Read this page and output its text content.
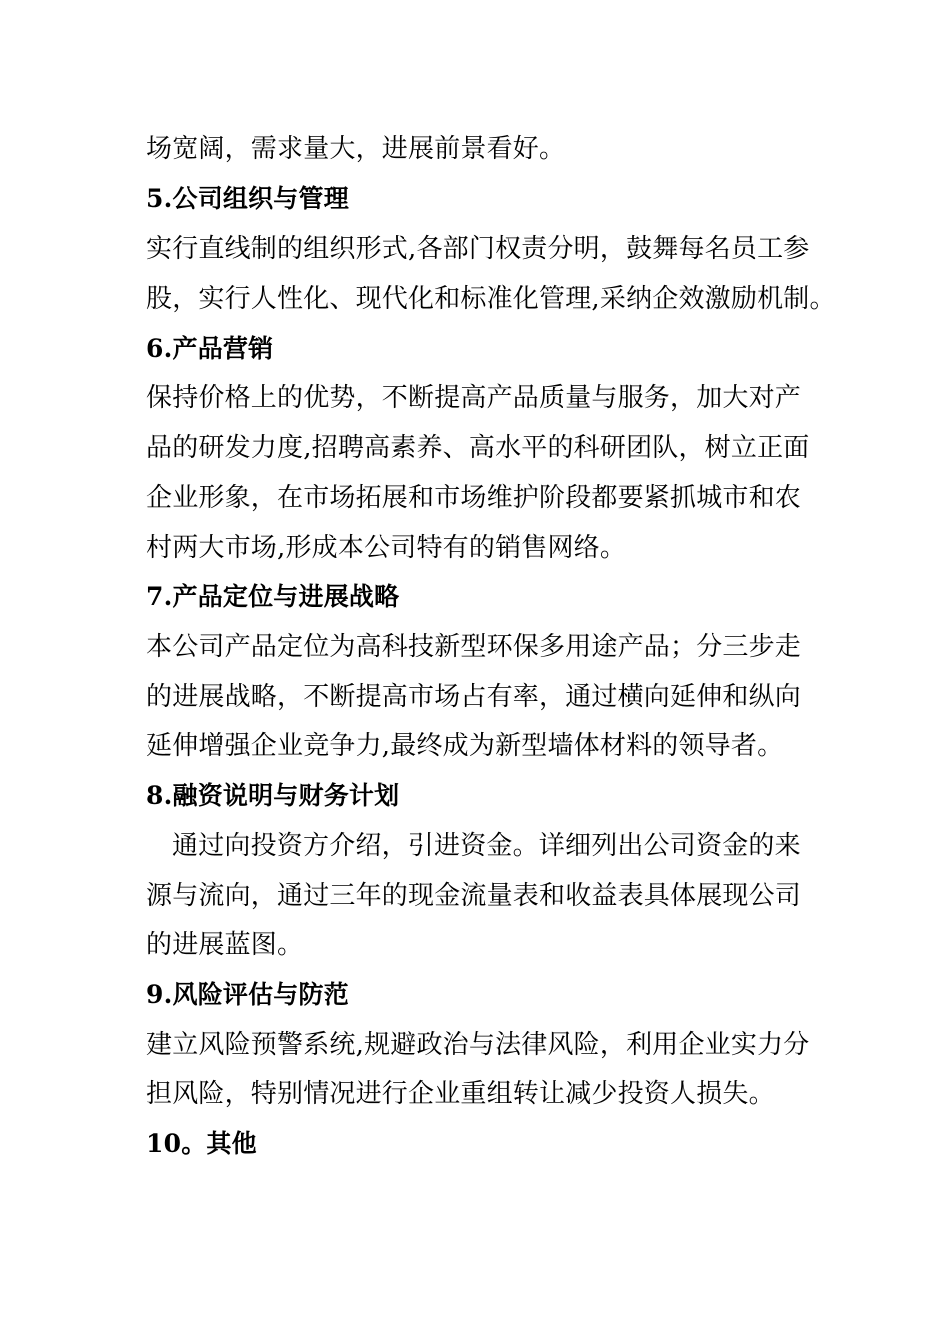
场宽阔，需求量大，进展前景看好。
5.公司组织与管理
实行直线制的组织形式,各部门权责分明，鼓舞每名员工参
股，实行人性化、现代化和标准化管理,采纳企效激励机制。
6.产品营销
保持价格上的优势，不断提高产品质量与服务，加大对产
品的研发力度,招聘高素养、高水平的科研团队，树立正面
企业形象，在市场拓展和市场维护阶段都要紧抓城市和农
村两大市场,形成本公司特有的销售网络。
7.产品定位与进展战略
本公司产品定位为高科技新型环保多用途产品；分三步走
的进展战略，不断提高市场占有率，通过横向延伸和纵向
延伸增强企业竞争力,最终成为新型墙体材料的领导者。
8.融资说明与财务计划
通过向投资方介绍，引进资金。详细列出公司资金的来
源与流向，通过三年的现金流量表和收益表具体展现公司
的进展蓝图。
9.风险评估与防范
建立风险预警系统,规避政治与法律风险，利用企业实力分
担风险，特别情况进行企业重组转让减少投资人损失。
10。其他
